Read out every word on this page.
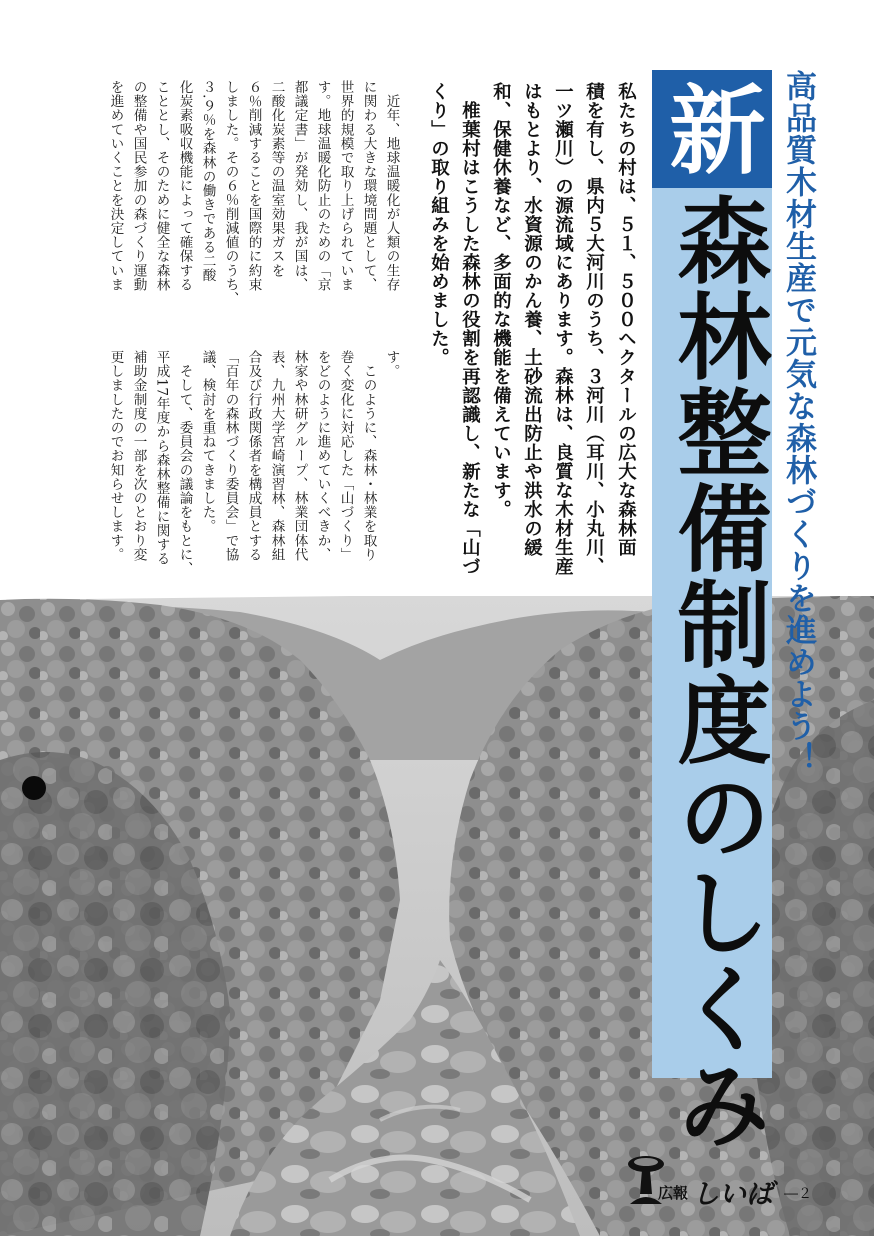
新
森林整備制度のしくみ 高品質木材生産で元気な森林づくりを進めよう！
私たちの村は、５１、５００ヘクタールの広大な森林面
積を有し、県内５大河川のうち、３河川（耳川、小丸川、
一ツ瀬川）の源流域にあります。森林は、良質な木材生産
はもとより、水資源のかん養、土砂流出防止や洪水の緩
和、保健休養など、多面的な機能を備えています。
　椎葉村はこうした森林の役割を再認識し、新たな「山づ
くり」の取り組みを始めました。
　近年、地球温暖化が人類の生存
に関わる大きな環境問題として、
世界的規模で取り上げられていま
す。地球温暖化防止のための「京
都議定書」が発効し、我が国は、
二酸化炭素等の温室効果ガスを
６％削減することを国際的に約束
しました。その６％削減値のうち、
３.９％を森林の働きである二酸
化炭素吸収機能によって確保する
こととし、そのために健全な森林
の整備や国民参加の森づくり運動
を進めていくことを決定していま
す。
　このように、森林・林業を取り
巻く変化に対応した「山づくり」
をどのように進めていくべきか、
林家や林研グループ、林業団体代
表、九州大学宮崎演習林、森林組
合及び行政関係者を構成員とする
「百年の森林づくり委員会」で協
議、検討を重ねてきました。
　そして、委員会の議論をもとに、
平成17年度から森林整備に関する
補助金制度の一部を次のとおり変
更しましたのでお知らせします。
広報 しいば ―２
